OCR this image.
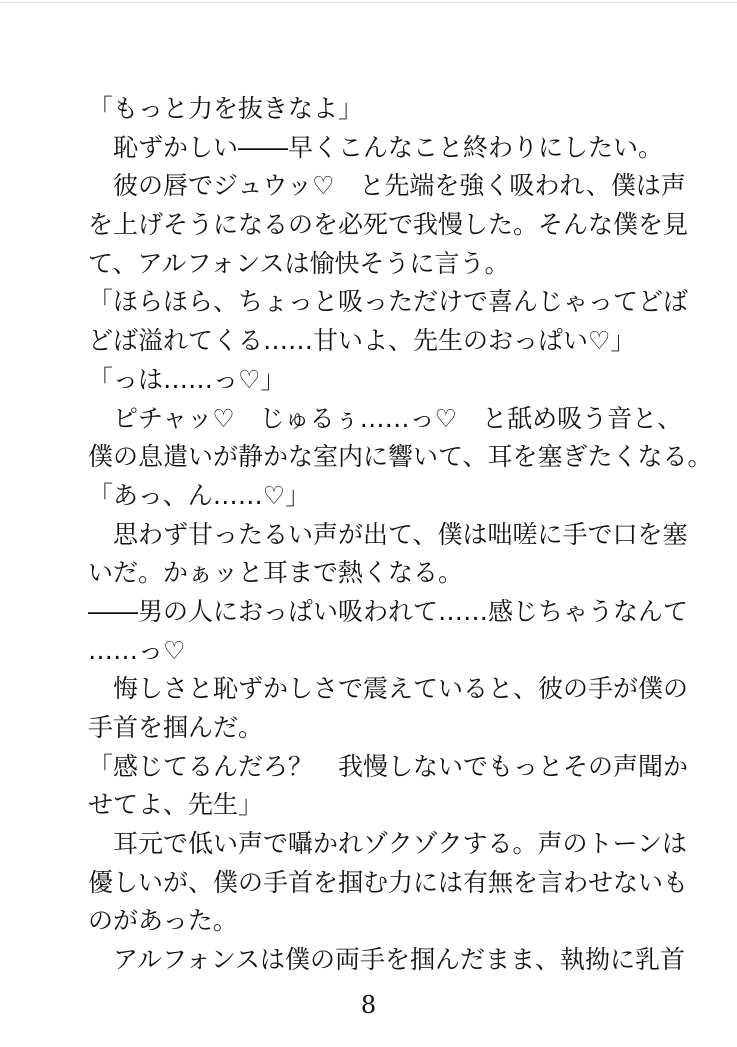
「もっと力を抜きなよ」
　恥ずかしい――早くこんなこと終わりにしたい。
　彼の唇でジュウッ♡　と先端を強く吸われ、僕は声
を上げそうになるのを必死で我慢した。そんな僕を見
て、アルフォンスは愉快そうに言う。
「ほらほら、ちょっと吸っただけで喜んじゃってどば
どば溢れてくる……甘いよ、先生のおっぱい♡」
「っは……っ♡」
　ピチャッ♡　じゅるぅ……っ♡　と舐め吸う音と、
僕の息遣いが静かな室内に響いて、耳を塞ぎたくなる。
「あっ、ん……♡」
　思わず甘ったるい声が出て、僕は咄嗟に手で口を塞
いだ。かぁッと耳まで熱くなる。
――男の人におっぱい吸われて……感じちゃうなんて
……っ♡
　悔しさと恥ずかしさで震えていると、彼の手が僕の
手首を掴んだ。
「感じてるんだろ？　我慢しないでもっとその声聞か
せてよ、先生」
　耳元で低い声で囁かれゾクゾクする。声のトーンは
優しいが、僕の手首を掴む力には有無を言わせないも
のがあった。
　アルフォンスは僕の両手を掴んだまま、執拗に乳首
8
